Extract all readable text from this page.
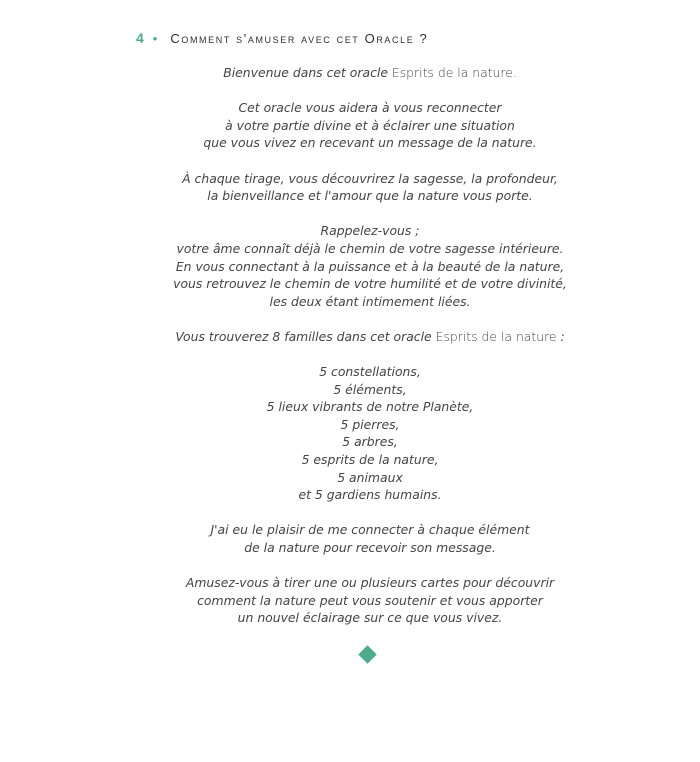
4 • Comment s'amuser avec cet Oracle ?

Bienvenue dans cet oracle Esprits de la nature.

Cet oracle vous aidera à vous reconnecter
à votre partie divine et à éclairer une situation
que vous vivez en recevant un message de la nature.

À chaque tirage, vous découvrirez la sagesse, la profondeur,
la bienveillance et l'amour que la nature vous porte.

Rappelez-vous ;
votre âme connaît déjà le chemin de votre sagesse intérieure.
En vous connectant à la puissance et à la beauté de la nature,
vous retrouvez le chemin de votre humilité et de votre divinité,
les deux étant intimement liées.

Vous trouverez 8 familles dans cet oracle Esprits de la nature :

5 constellations,
5 éléments,
5 lieux vibrants de notre Planète,
5 pierres,
5 arbres,
5 esprits de la nature,
5 animaux
et 5 gardiens humains.

J'ai eu le plaisir de me connecter à chaque élément
de la nature pour recevoir son message.

Amusez-vous à tirer une ou plusieurs cartes pour découvrir
comment la nature peut vous soutenir et vous apporter
un nouvel éclairage sur ce que vous vivez.
